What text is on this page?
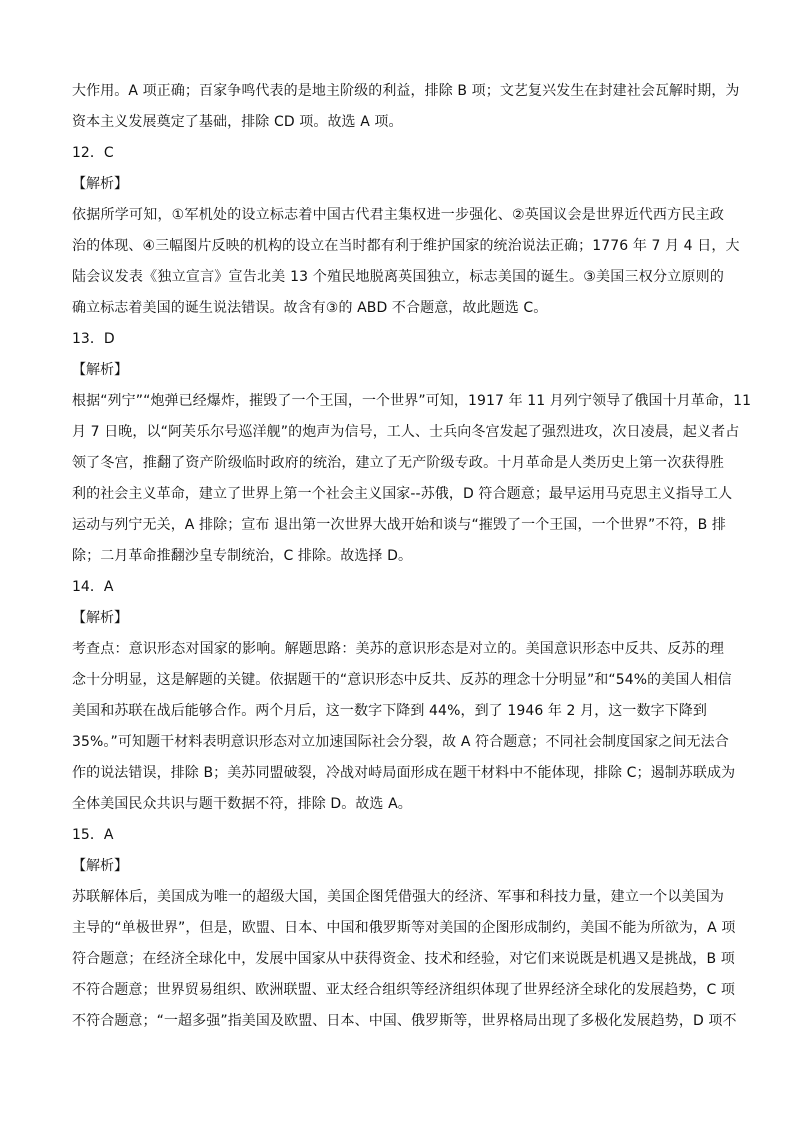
大作用。A 项正确；百家争鸣代表的是地主阶级的利益，排除 B 项；文艺复兴发生在封建社会瓦解时期，为
资本主义发展奠定了基础，排除 CD 项。故选 A 项。
12．C
【解析】
依据所学可知，①军机处的设立标志着中国古代君主集权进一步强化、②英国议会是世界近代西方民主政
治的体现、④三幅图片反映的机构的设立在当时都有利于维护国家的统治说法正确；1776 年 7 月 4 日，大
陆会议发表《独立宣言》宣告北美 13 个殖民地脱离英国独立，标志美国的诞生。③美国三权分立原则的
确立标志着美国的诞生说法错误。故含有③的 ABD 不合题意，故此题选 C。
13．D
【解析】
根据“列宁”“炮弹已经爆炸，摧毁了一个王国，一个世界”可知，1917 年 11 月列宁领导了俄国十月革命，11
月 7 日晚，以“阿芙乐尔号巡洋舰”的炮声为信号，工人、士兵向冬宫发起了强烈进攻，次日凌晨，起义者占
领了冬宫，推翻了资产阶级临时政府的统治，建立了无产阶级专政。十月革命是人类历史上第一次获得胜
利的社会主义革命，建立了世界上第一个社会主义国家--苏俄，D 符合题意；最早运用马克思主义指导工人
运动与列宁无关，A 排除；宣布 退出第一次世界大战开始和谈与“摧毁了一个王国，一个世界”不符，B 排
除；二月革命推翻沙皇专制统治，C 排除。故选择 D。
14．A
【解析】
考查点：意识形态对国家的影响。解题思路：美苏的意识形态是对立的。美国意识形态中反共、反苏的理
念十分明显，这是解题的关键。依据题干的“意识形态中反共、反苏的理念十分明显”和“54%的美国人相信
美国和苏联在战后能够合作。两个月后，这一数字下降到 44%，到了 1946 年 2 月，这一数字下降到
35%。”可知题干材料表明意识形态对立加速国际社会分裂，故 A 符合题意；不同社会制度国家之间无法合
作的说法错误，排除 B；美苏同盟破裂，冷战对峙局面形成在题干材料中不能体现，排除 C；遏制苏联成为
全体美国民众共识与题干数据不符，排除 D。故选 A。
15．A
【解析】
苏联解体后，美国成为唯一的超级大国，美国企图凭借强大的经济、军事和科技力量，建立一个以美国为
主导的“单极世界”，但是，欧盟、日本、中国和俄罗斯等对美国的企图形成制约，美国不能为所欲为，A 项
符合题意；在经济全球化中，发展中国家从中获得资金、技术和经验，对它们来说既是机遇又是挑战，B 项
不符合题意；世界贸易组织、欧洲联盟、亚太经合组织等经济组织体现了世界经济全球化的发展趋势，C 项
不符合题意；“一超多强”指美国及欧盟、日本、中国、俄罗斯等，世界格局出现了多极化发展趋势，D 项不
